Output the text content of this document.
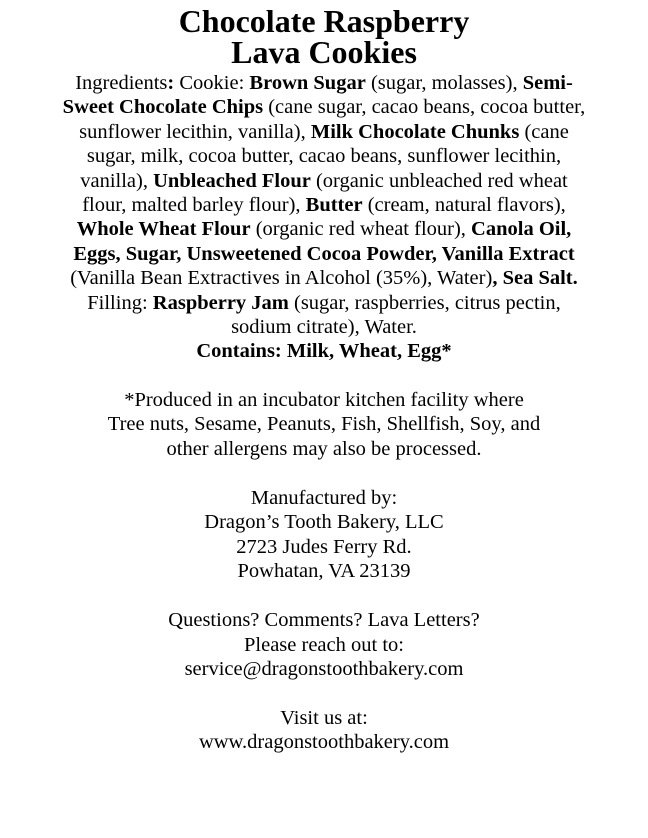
Chocolate Raspberry
Lava Cookies
Ingredients: Cookie: Brown Sugar (sugar, molasses), Semi-Sweet Chocolate Chips (cane sugar, cacao beans, cocoa butter, sunflower lecithin, vanilla), Milk Chocolate Chunks (cane sugar, milk, cocoa butter, cacao beans, sunflower lecithin, vanilla), Unbleached Flour (organic unbleached red wheat flour, malted barley flour), Butter (cream, natural flavors), Whole Wheat Flour (organic red wheat flour), Canola Oil, Eggs, Sugar, Unsweetened Cocoa Powder, Vanilla Extract (Vanilla Bean Extractives in Alcohol (35%), Water), Sea Salt. Filling: Raspberry Jam (sugar, raspberries, citrus pectin, sodium citrate), Water.
Contains: Milk, Wheat, Egg*
*Produced in an incubator kitchen facility where
Tree nuts, Sesame, Peanuts, Fish, Shellfish, Soy, and
other allergens may also be processed.
Manufactured by:
Dragon’s Tooth Bakery, LLC
2723 Judes Ferry Rd.
Powhatan, VA 23139
Questions? Comments? Lava Letters?
Please reach out to:
service@dragonstoothbakery.com
Visit us at:
www.dragonstoothbakery.com
